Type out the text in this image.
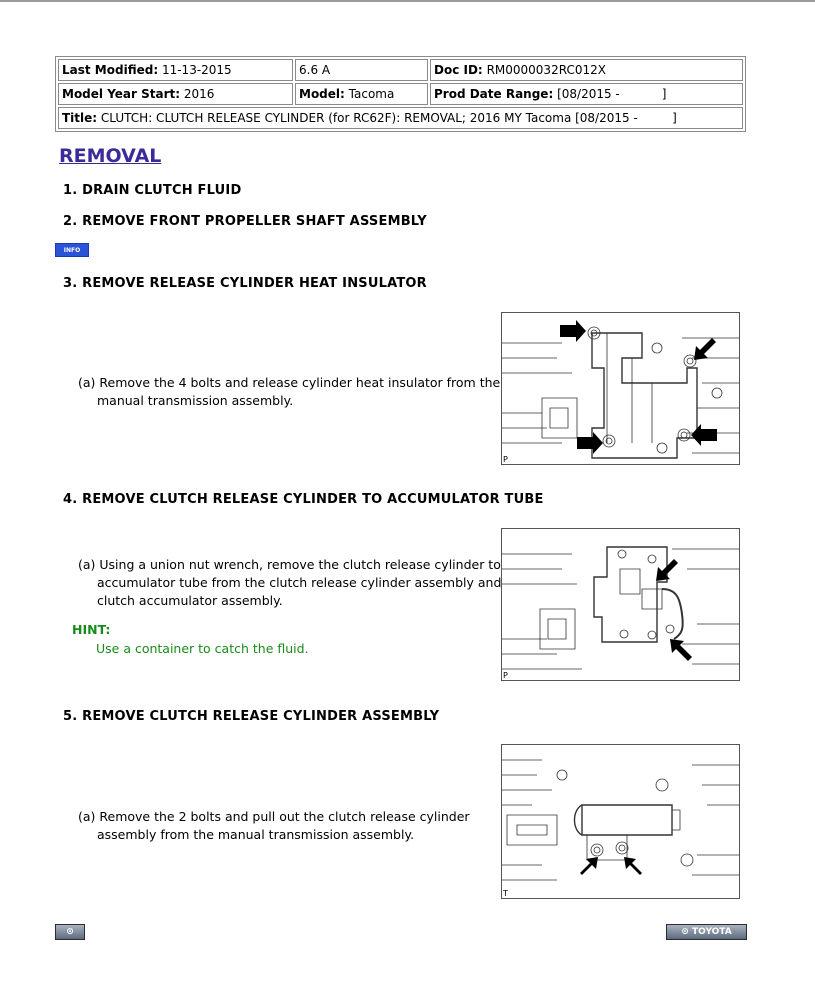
Last Modified: 11-13-2015	6.6 A	Doc ID: RM0000032RC012X
Model Year Start: 2016	Model: Tacoma	Prod Date Range: [08/2015 -           ]
Title: CLUTCH: CLUTCH RELEASE CYLINDER (for RC62F): REMOVAL; 2016 MY Tacoma [08/2015 -         ]		
REMOVAL
1. DRAIN CLUTCH FLUID
2. REMOVE FRONT PROPELLER SHAFT ASSEMBLY
INFO
3. REMOVE RELEASE CYLINDER HEAT INSULATOR
(a) Remove the 4 bolts and release cylinder heat insulator from the
manual transmission assembly.
P
4. REMOVE CLUTCH RELEASE CYLINDER TO ACCUMULATOR TUBE
(a) Using a union nut wrench, remove the clutch release cylinder to
accumulator tube from the clutch release cylinder assembly and
clutch accumulator assembly.
HINT:
Use a container to catch the fluid.
P
5. REMOVE CLUTCH RELEASE CYLINDER ASSEMBLY
(a) Remove the 2 bolts and pull out the clutch release cylinder
assembly from the manual transmission assembly.
T
⊙	⊙ TOYOTA
